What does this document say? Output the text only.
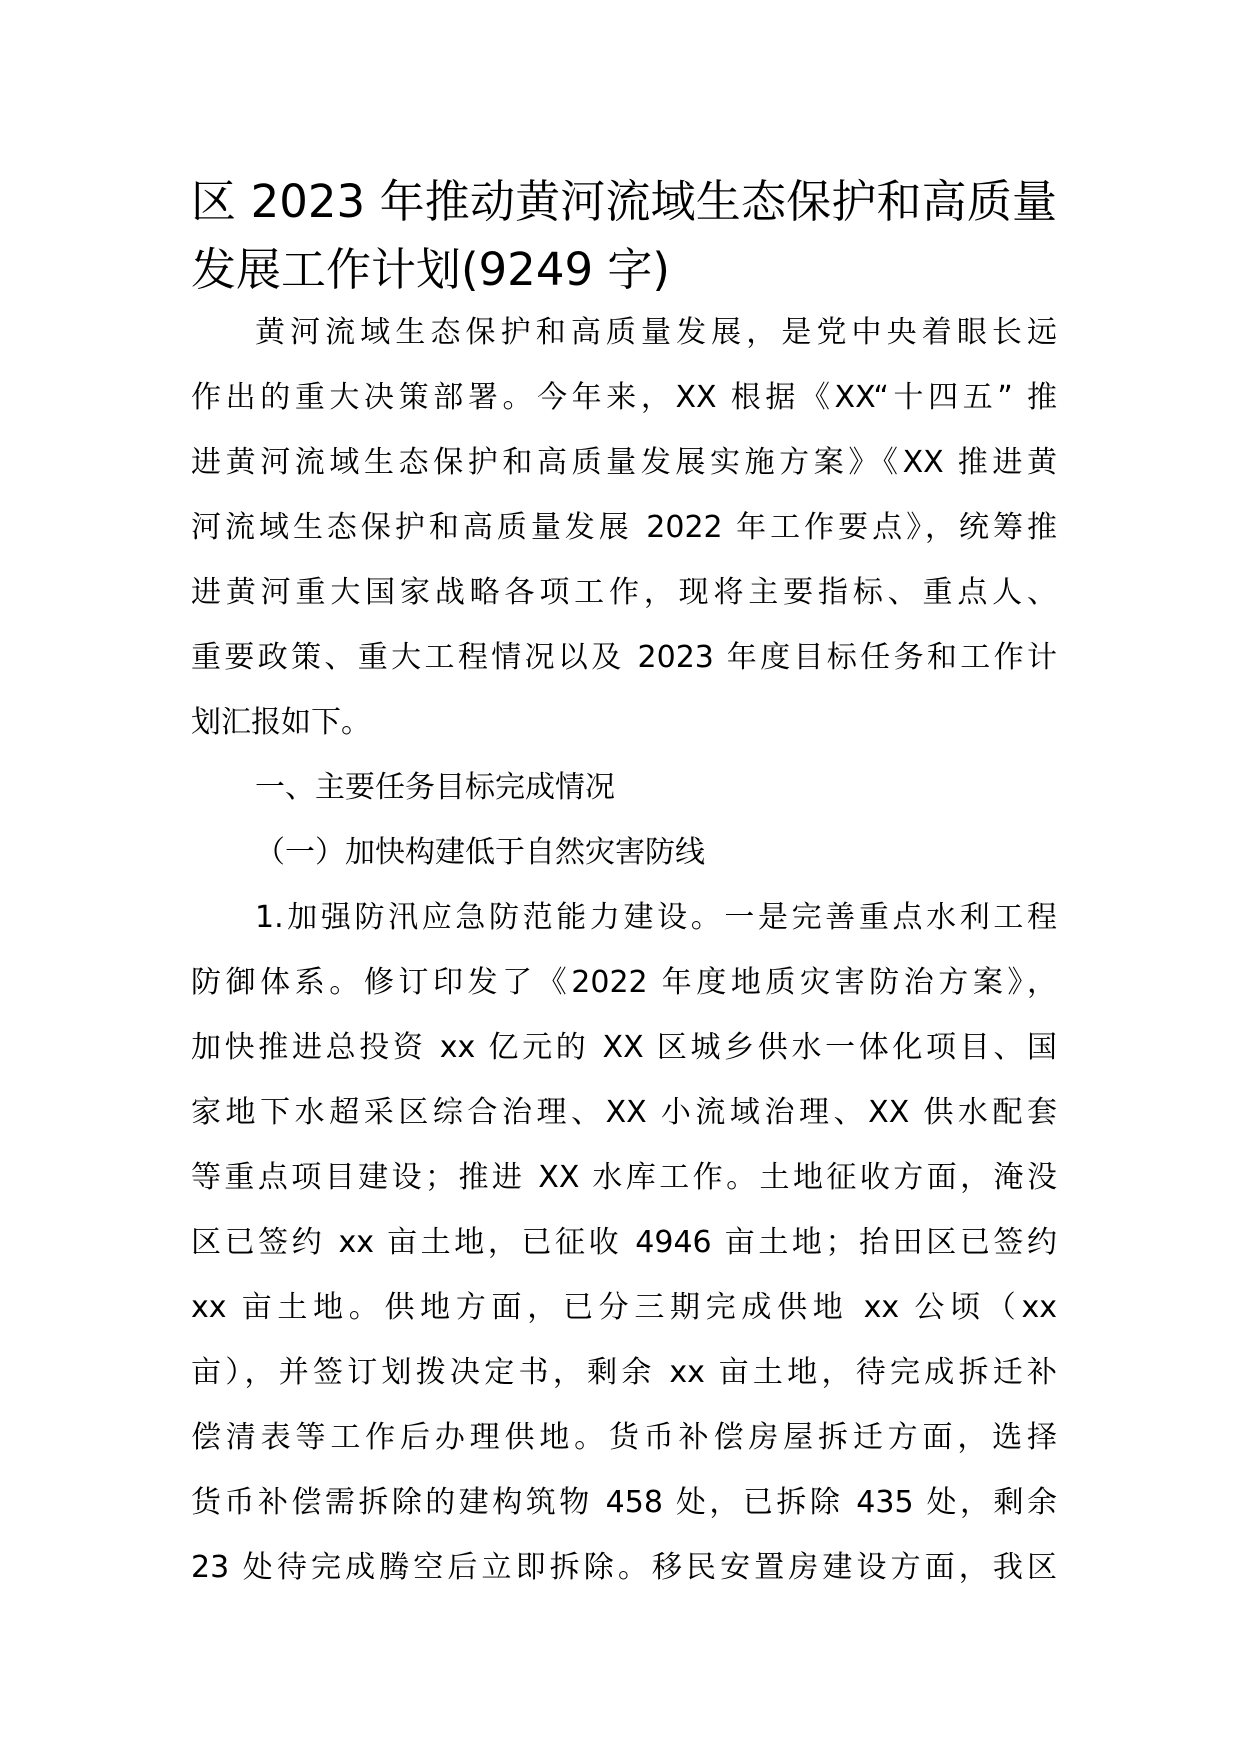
区 2023 年推动黄河流域生态保护和高质量
发展工作计划(9249 字)
黄河流域生态保护和高质量发展，是党中央着眼长远
作出的重大决策部署。今年来，XX 根据《XX“十四五” 推
进黄河流域生态保护和高质量发展实施方案》《XX 推进黄
河流域生态保护和高质量发展 2022 年工作要点》，统筹推
进黄河重大国家战略各项工作，现将主要指标、重点人、
重要政策、重大工程情况以及 2023 年度目标任务和工作计
划汇报如下。
一、主要任务目标完成情况
（一）加快构建低于自然灾害防线
1.加强防汛应急防范能力建设。一是完善重点水利工程
防御体系。修订印发了《2022 年度地质灾害防治方案》，
加快推进总投资 xx 亿元的 XX 区城乡供水一体化项目、国
家地下水超采区综合治理、XX 小流域治理、XX 供水配套
等重点项目建设；推进 XX 水库工作。土地征收方面，淹没
区已签约 xx 亩土地，已征收 4946 亩土地；抬田区已签约
xx 亩土地。供地方面，已分三期完成供地 xx 公顷（xx
亩），并签订划拨决定书，剩余 xx 亩土地，待完成拆迁补
偿清表等工作后办理供地。货币补偿房屋拆迁方面，选择
货币补偿需拆除的建构筑物 458 处，已拆除 435 处，剩余
23 处待完成腾空后立即拆除。移民安置房建设方面，我区
